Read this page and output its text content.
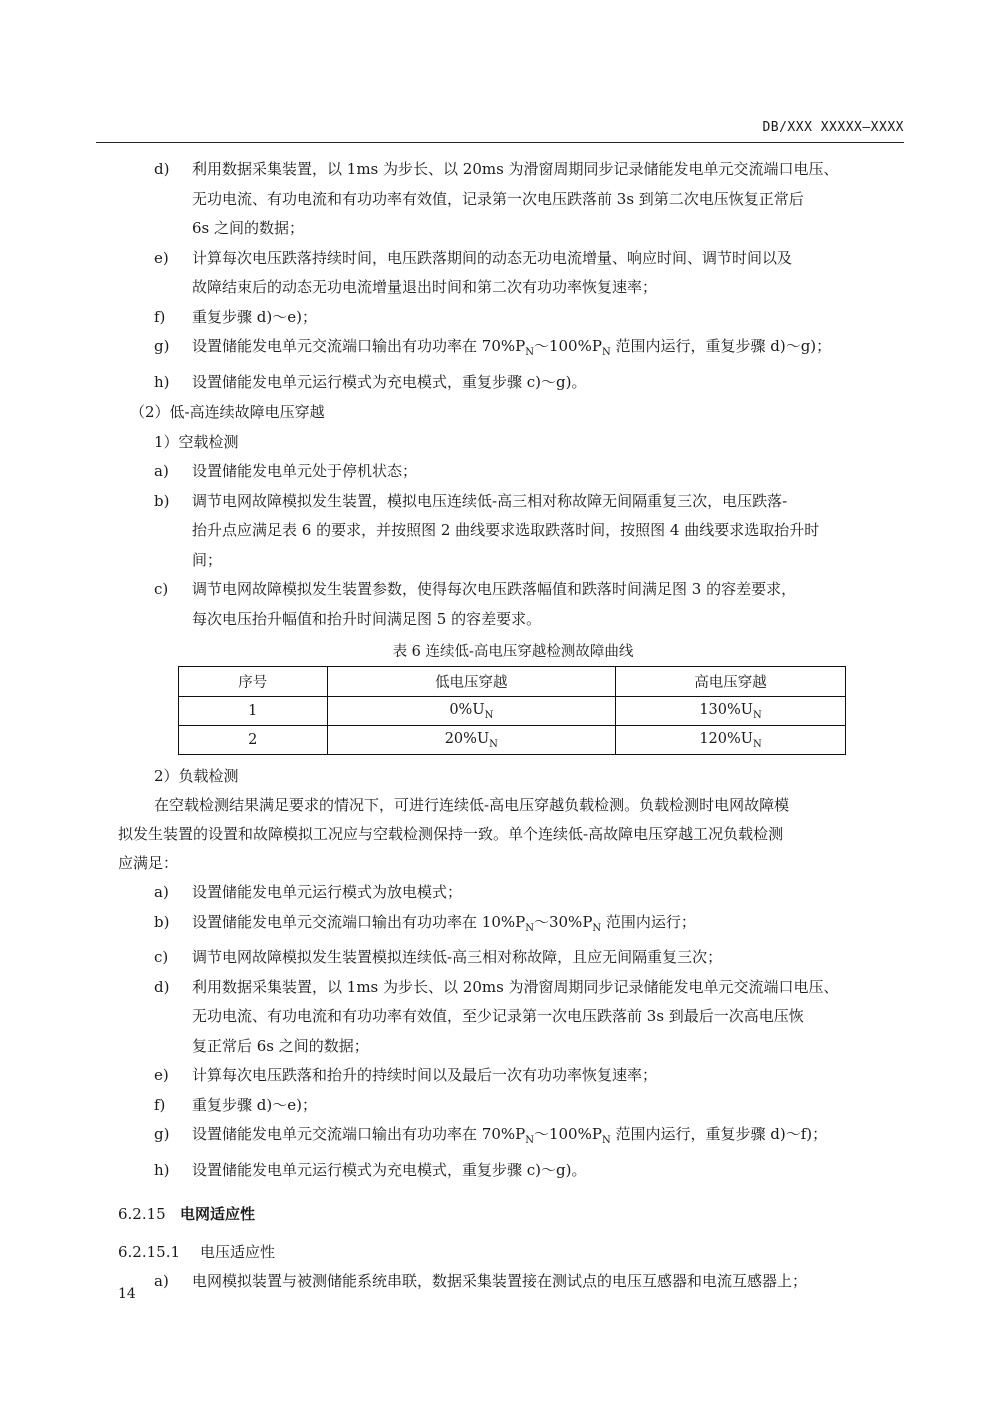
DB/XXX XXXXX—XXXX
d) 利用数据采集装置，以 1ms 为步长、以 20ms 为滑窗周期同步记录储能发电单元交流端口电压、
无功电流、有功电流和有功功率有效值，记录第一次电压跌落前 3s 到第二次电压恢复正常后
6s 之间的数据；
e) 计算每次电压跌落持续时间，电压跌落期间的动态无功电流增量、响应时间、调节时间以及
故障结束后的动态无功电流增量退出时间和第二次有功功率恢复速率；
f) 重复步骤 d)～e)；
g) 设置储能发电单元交流端口输出有功功率在 $70\%P_N\sim 100\%P_N$ 范围内运行，重复步骤 d)～g)；
h) 设置储能发电单元运行模式为充电模式，重复步骤 c)～g)。
（2）低-高连续故障电压穿越
1）空载检测
a) 设置储能发电单元处于停机状态；
b) 调节电网故障模拟发生装置，模拟电压连续低-高三相对称故障无间隔重复三次，电压跌落-
抬升点应满足表 6 的要求，并按照图 2 曲线要求选取跌落时间，按照图 4 曲线要求选取抬升时
间；
c) 调节电网故障模拟发生装置参数，使得每次电压跌落幅值和跌落时间满足图 3 的容差要求，
每次电压抬升幅值和抬升时间满足图 5 的容差要求。
表 6 连续低-高电压穿越检测故障曲线
序号	低电压穿越	高电压穿越
1	$0\%U_N$	$130\%U_N$
2	$20\%U_N$	$120\%U_N$
2）负载检测
在空载检测结果满足要求的情况下，可进行连续低-高电压穿越负载检测。负载检测时电网故障模
拟发生装置的设置和故障模拟工况应与空载检测保持一致。单个连续低-高故障电压穿越工况负载检测
应满足：
a) 设置储能发电单元运行模式为放电模式；
b) 设置储能发电单元交流端口输出有功功率在 $10\%P_N\sim 30\%P_N$ 范围内运行；
c) 调节电网故障模拟发生装置模拟连续低-高三相对称故障，且应无间隔重复三次；
d) 利用数据采集装置，以 1ms 为步长、以 20ms 为滑窗周期同步记录储能发电单元交流端口电压、
无功电流、有功电流和有功功率有效值，至少记录第一次电压跌落前 3s 到最后一次高电压恢
复正常后 6s 之间的数据；
e) 计算每次电压跌落和抬升的持续时间以及最后一次有功功率恢复速率；
f) 重复步骤 d)～e)；
g) 设置储能发电单元交流端口输出有功功率在 $70\%P_N\sim 100\%P_N$ 范围内运行，重复步骤 d)～f)；
h) 设置储能发电单元运行模式为充电模式，重复步骤 c)～g)。
6.2.15 电网适应性
6.2.15.1 电压适应性
a) 电网模拟装置与被测储能系统串联，数据采集装置接在测试点的电压互感器和电流互感器上；
14
